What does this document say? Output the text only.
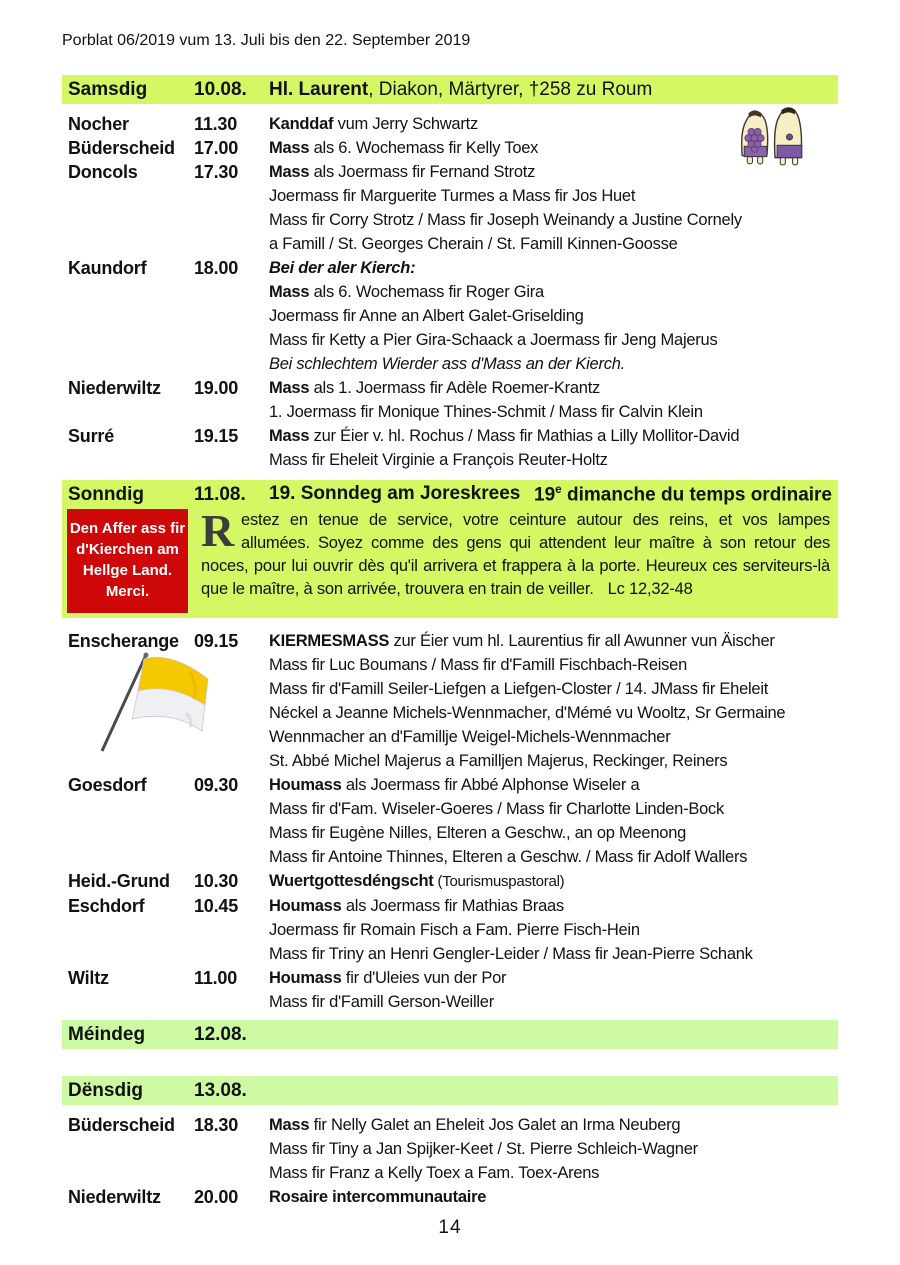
Porblat 06/2019 vum 13. Juli bis den 22. September 2019
Samsdig	10.08.	Hl. Laurent, Diakon, Märtyrer, †258 zu Roum
Nocher	11.30	Kanddaf vum Jerry Schwartz
Büderscheid	17.00	Mass als 6. Wochemass fir Kelly Toex
Doncols	17.30	Mass als Joermass fir Fernand Strotz
Joermass fir Marguerite Turmes a Mass fir Jos Huet
Mass fir Corry Strotz / Mass fir Joseph Weinandy a Justine Cornely
a Famill / St. Georges Cherain / St. Famill Kinnen-Goosse
Kaundorf	18.00	Bei der aler Kierch:
Mass als 6. Wochemass fir Roger Gira
Joermass fir Anne an Albert Galet-Griselding
Mass fir Ketty a Pier Gira-Schaack a Joermass fir Jeng Majerus
Bei schlechtem Wierder ass d'Mass an der Kierch.
Niederwiltz	19.00	Mass als 1. Joermass fir Adèle Roemer-Krantz
1. Joermass fir Monique Thines-Schmit / Mass fir Calvin Klein
Surré	19.15	Mass zur Éier v. hl. Rochus / Mass fir Mathias a Lilly Mollitor-David
Mass fir Eheleit Virginie a François Reuter-Holtz
Sonndig	11.08.	19. Sonndeg am Joreskrees 19e dimanche du temps ordinaire
Den Affer ass fir
d'Kierchen am
Hellge Land.
Merci.
Restez en tenue de service, votre ceinture autour des reins, et vos lampes allumées. Soyez comme des gens qui attendent leur maître à son retour des noces, pour lui ouvrir dès qu'il arrivera et frappera à la porte. Heureux ces serviteurs-là que le maître, à son arrivée, trouvera en train de veiller. Lc 12,32-48
Enscherange 09.15	KIERMESMASS zur Éier vum hl. Laurentius fir all Awunner vun Äischer
Mass fir Luc Boumans / Mass fir d'Famill Fischbach-Reisen
Mass fir d'Famill Seiler-Liefgen a Liefgen-Closter / 14. JMass fir Eheleit
Néckel a Jeanne Michels-Wennmacher, d'Mémé vu Wooltz, Sr Germaine
Wennmacher an d'Famillje Weigel-Michels-Wennmacher
St. Abbé Michel Majerus a Familljen Majerus, Reckinger, Reiners
Goesdorf	09.30	Houmass als Joermass fir Abbé Alphonse Wiseler a
Mass fir d'Fam. Wiseler-Goeres / Mass fir Charlotte Linden-Bock
Mass fir Eugène Nilles, Elteren a Geschw., an op Meenong
Mass fir Antoine Thinnes, Elteren a Geschw. / Mass fir Adolf Wallers
Heid.-Grund	10.30	Wuertgottesdéngscht (Tourismuspastoral)
Eschdorf	10.45	Houmass als Joermass fir Mathias Braas
Joermass fir Romain Fisch a Fam. Pierre Fisch-Hein
Mass fir Triny an Henri Gengler-Leider / Mass fir Jean-Pierre Schank
Wiltz	11.00	Houmass fir d'Uleies vun der Por
Mass fir d'Famill Gerson-Weiller
Méindeg	12.08.
Dënsdig	13.08.
Büderscheid	18.30	Mass fir Nelly Galet an Eheleit Jos Galet an Irma Neuberg
Mass fir Tiny a Jan Spijker-Keet / St. Pierre Schleich-Wagner
Mass fir Franz a Kelly Toex a Fam. Toex-Arens
Niederwiltz	20.00	Rosaire intercommunautaire
14
